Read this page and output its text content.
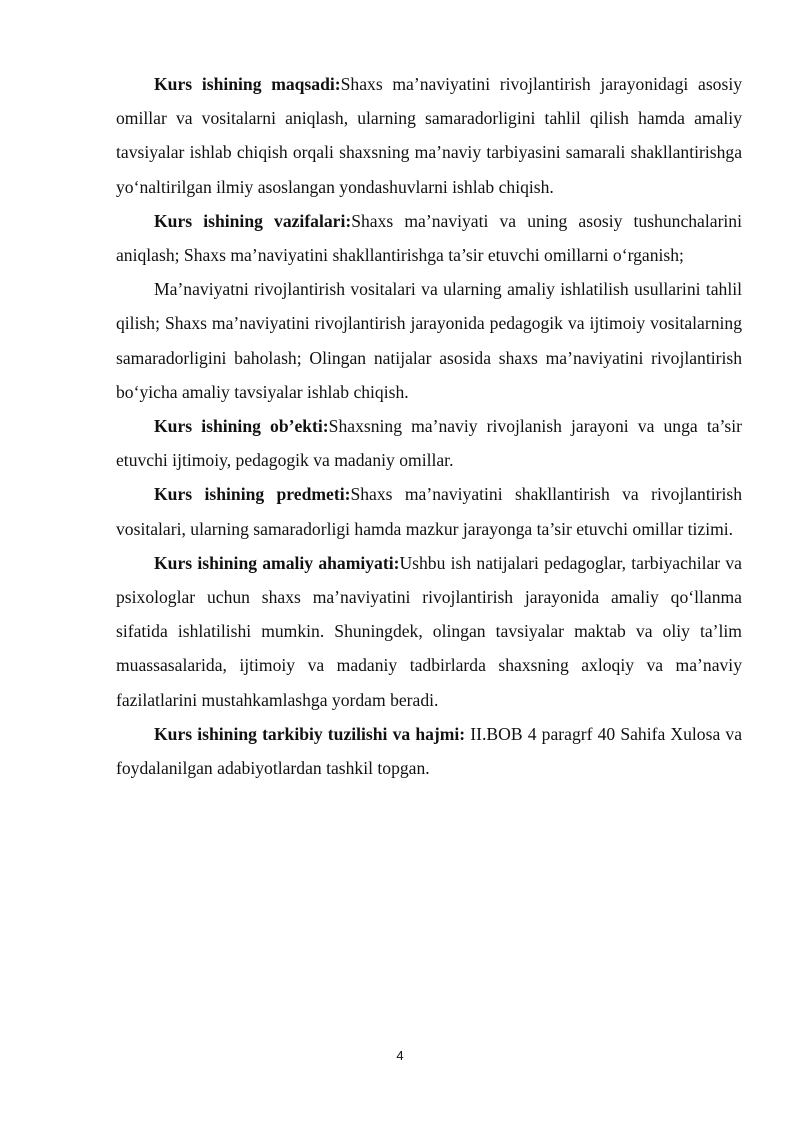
Kurs ishining maqsadi:Shaxs ma’naviyatini rivojlantirish jarayonidagi asosiy omillar va vositalarni aniqlash, ularning samaradorligini tahlil qilish hamda amaliy tavsiyalar ishlab chiqish orqali shaxsning ma’naviy tarbiyasini samarali shakllantirishga yo‘naltirilgan ilmiy asoslangan yondashuvlarni ishlab chiqish.

Kurs ishining vazifalari:Shaxs ma’naviyati va uning asosiy tushunchalarini aniqlash; Shaxs ma’naviyatini shakllantirishga ta’sir etuvchi omillarni o‘rganish;

Ma’naviyatni rivojlantirish vositalari va ularning amaliy ishlatilish usullarini tahlil qilish; Shaxs ma’naviyatini rivojlantirish jarayonida pedagogik va ijtimoiy vositalarning samaradorligini baholash; Olingan natijalar asosida shaxs ma’naviyatini rivojlantirish bo‘yicha amaliy tavsiyalar ishlab chiqish.

Kurs ishining ob’ekti:Shaxsning ma’naviy rivojlanish jarayoni va unga ta’sir etuvchi ijtimoiy, pedagogik va madaniy omillar.

Kurs ishining predmeti:Shaxs ma’naviyatini shakllantirish va rivojlantirish vositalari, ularning samaradorligi hamda mazkur jarayonga ta’sir etuvchi omillar tizimi.

Kurs ishining amaliy ahamiyati:Ushbu ish natijalari pedagoglar, tarbiyachilar va psixologlar uchun shaxs ma’naviyatini rivojlantirish jarayonida amaliy qo‘llanma sifatida ishlatilishi mumkin. Shuningdek, olingan tavsiyalar maktab va oliy ta’lim muassasalarida, ijtimoiy va madaniy tadbirlarda shaxsning axloqiy va ma’naviy fazilatlarini mustahkamlashga yordam beradi.

Kurs ishining tarkibiy tuzilishi va hajmi: II.BOB 4 paragrf 40 Sahifa Xulosa va foydalanilgan adabiyotlardan tashkil topgan.

4
